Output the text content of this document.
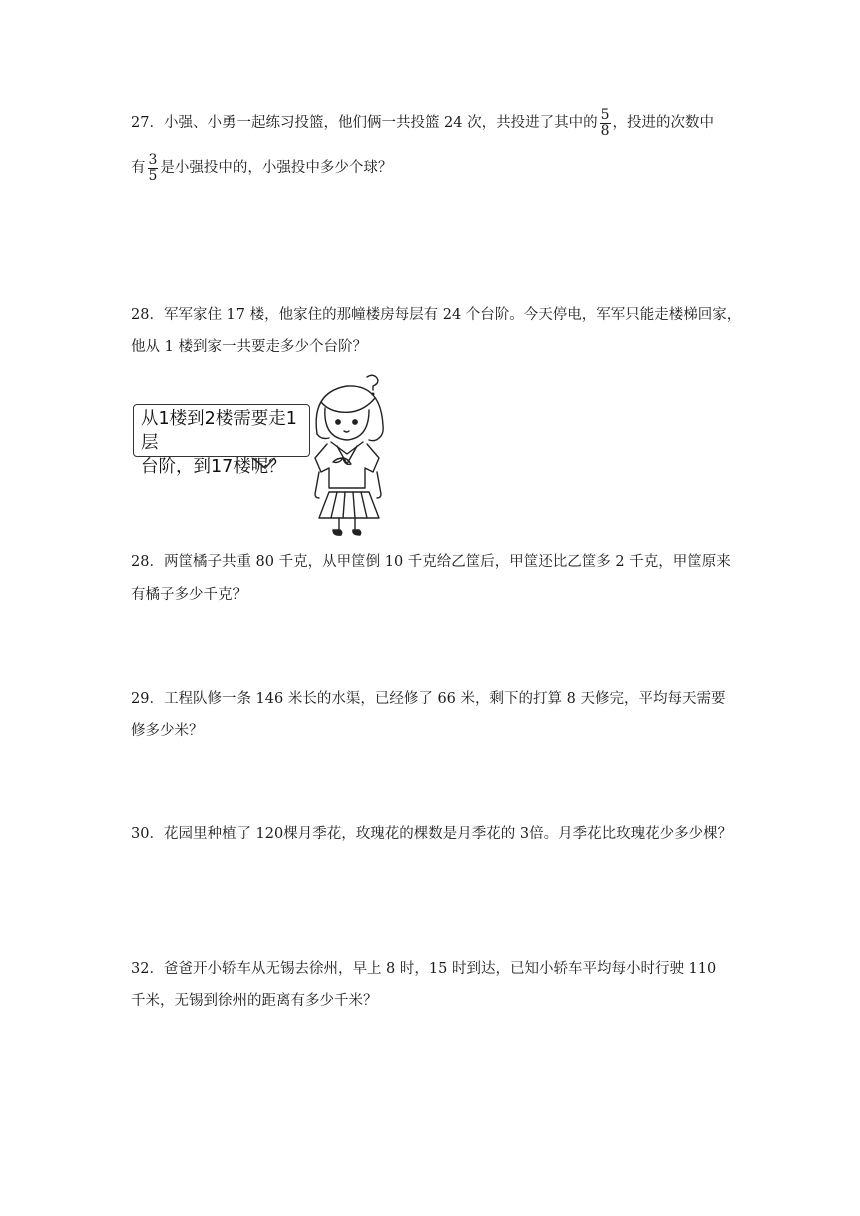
27．小强、小勇一起练习投篮，他们俩一共投篮 24 次，共投进了其中的 $\frac{5}{8}$ ，投进的次数中
有 $\frac{3}{5}$ 是小强投中的，小强投中多少个球？
28．军军家住 17 楼，他家住的那幢楼房每层有 24 个台阶。今天停电，军军只能走楼梯回家，
他从 1 楼到家一共要走多少个台阶？
从1楼到2楼需要走1层
台阶，到17楼呢？
28．两筐橘子共重 80 千克，从甲筐倒 10 千克给乙筐后，甲筐还比乙筐多 2 千克，甲筐原来
有橘子多少千克？
29．工程队修一条 146 米长的水渠，已经修了 66 米，剩下的打算 8 天修完，平均每天需要
修多少米？
30．花园里种植了 120棵月季花，玫瑰花的棵数是月季花的 3倍。月季花比玫瑰花少多少棵？
32．爸爸开小轿车从无锡去徐州，早上 8 时，15 时到达，已知小轿车平均每小时行驶 110
千米，无锡到徐州的距离有多少千米？
